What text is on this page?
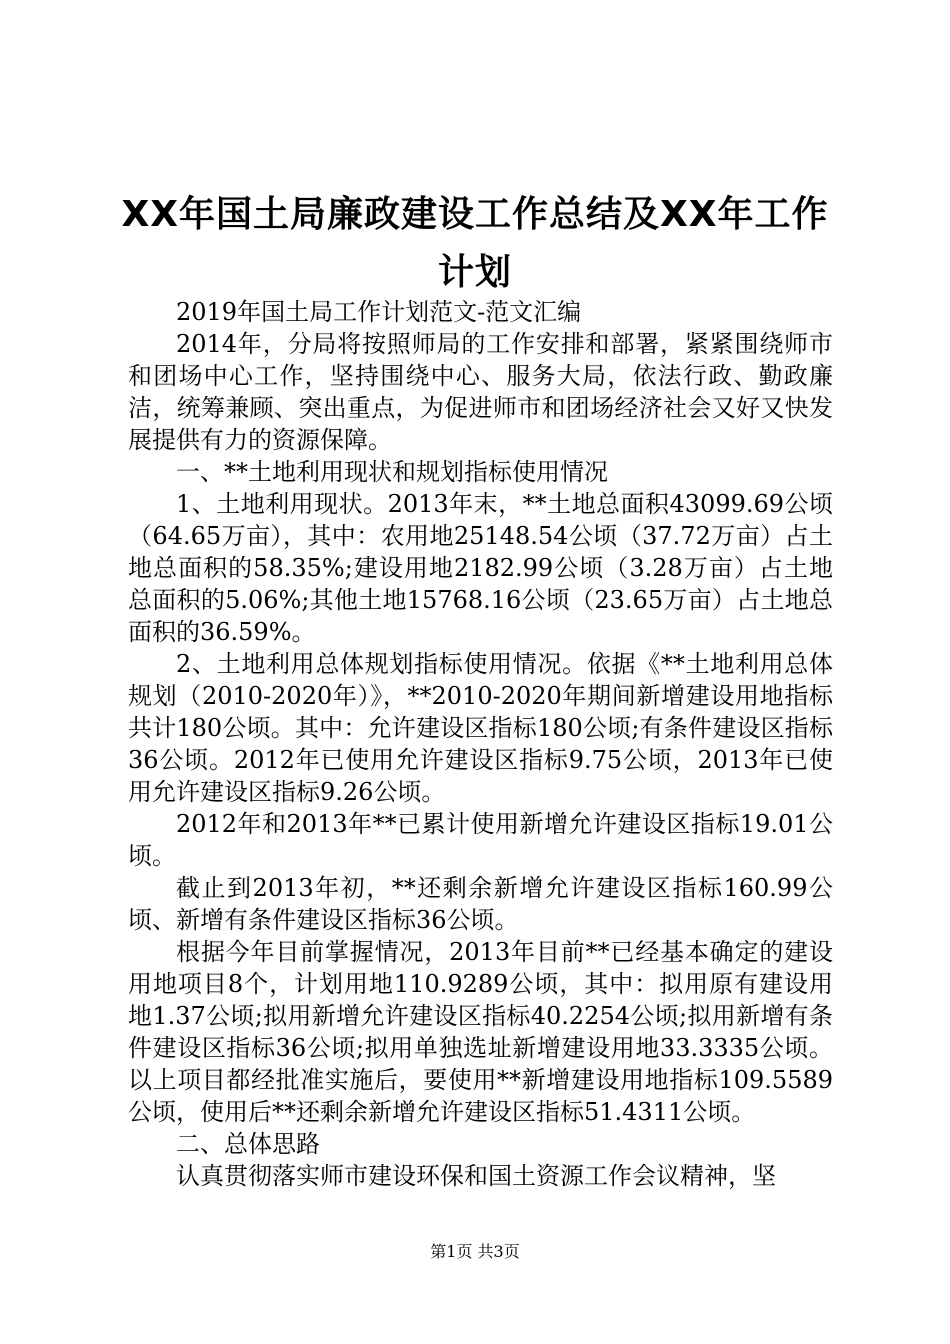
XX年国土局廉政建设工作总结及XX年工作计划

2019年国土局工作计划范文-范文汇编

2014年，分局将按照师局的工作安排和部署，紧紧围绕师市和团场中心工作，坚持围绕中心、服务大局，依法行政、勤政廉洁，统筹兼顾、突出重点，为促进师市和团场经济社会又好又快发展提供有力的资源保障。

一、**土地利用现状和规划指标使用情况

1、土地利用现状。2013年末，**土地总面积43099.69公顷（64.65万亩），其中：农用地25148.54公顷（37.72万亩）占土地总面积的58.35%;建设用地2182.99公顷（3.28万亩）占土地总面积的5.06%;其他土地15768.16公顷（23.65万亩）占土地总面积的36.59%。

2、土地利用总体规划指标使用情况。依据《**土地利用总体规划（2010-2020年）》，**2010-2020年期间新增建设用地指标共计180公顷。其中：允许建设区指标180公顷;有条件建设区指标36公顷。2012年已使用允许建设区指标9.75公顷，2013年已使用允许建设区指标9.26公顷。

2012年和2013年**已累计使用新增允许建设区指标19.01公顷。

截止到2013年初，**还剩余新增允许建设区指标160.99公顷、新增有条件建设区指标36公顷。

根据今年目前掌握情况，2013年目前**已经基本确定的建设用地项目8个，计划用地110.9289公顷，其中：拟用原有建设用地1.37公顷;拟用新增允许建设区指标40.2254公顷;拟用新增有条件建设区指标36公顷;拟用单独选址新增建设用地33.3335公顷。以上项目都经批准实施后，要使用**新增建设用地指标109.5589公顷，使用后**还剩余新增允许建设区指标51.4311公顷。

二、总体思路

认真贯彻落实师市建设环保和国土资源工作会议精神，坚

第1页 共3页
